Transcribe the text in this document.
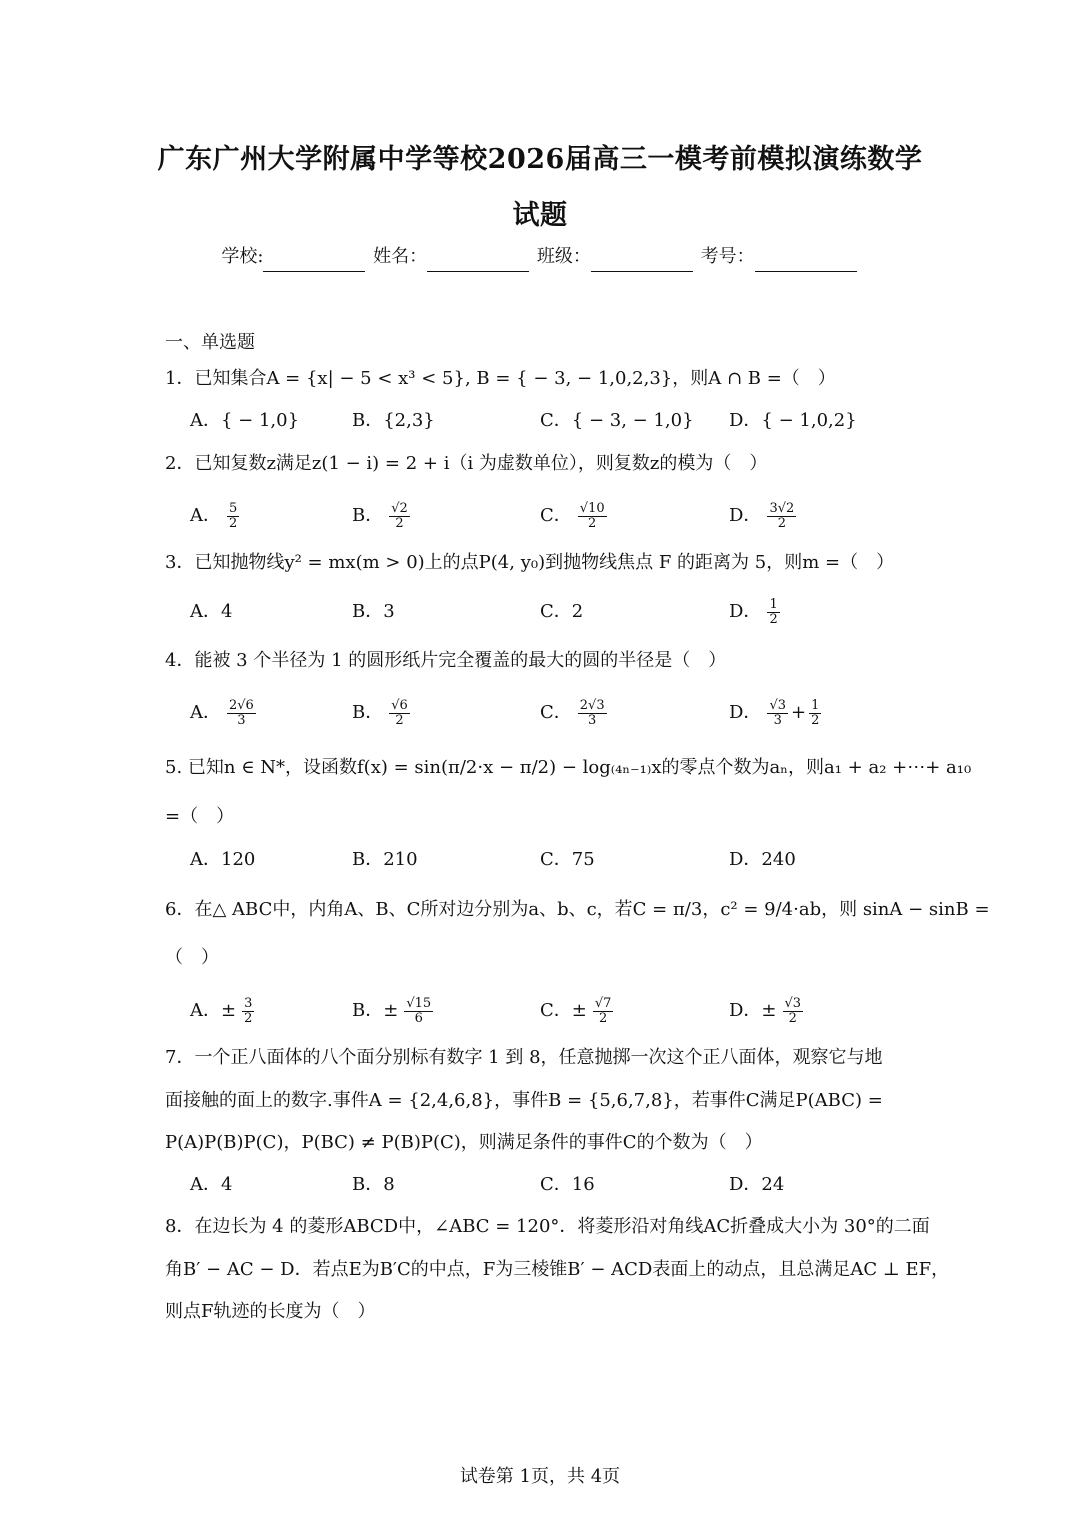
广东广州大学附属中学等校2026届高三一模考前模拟演练数学
试题
学校:	姓名：	班级：	考号：
一、单选题
1．已知集合A = {x| − 5 < x³ < 5}, B = { − 3, − 1,0,2,3}，则A ∩ B =（　）
A．{ − 1,0}	B．{2,3}	C．{ − 3, − 1,0} D．{ − 1,0,2}
2．已知复数z满足z(1 − i) = 2 + i（i 为虚数单位），则复数z的模为（　）
A． $\frac{5}{2}$	B． $\frac{√2}{2}$	C． $\frac{√10}{2}$	D． $\frac{3√2}{2}$
3．已知抛物线y² = mx(m > 0)上的点P(4, y₀)到抛物线焦点 F 的距离为 5，则m =（　）
A．4	B．3	C．2	D． $\frac{1}{2}$
4．能被 3 个半径为 1 的圆形纸片完全覆盖的最大的圆的半径是（　）
A． $\frac{2√6}{3}$	B． $\frac{√6}{2}$	C． $\frac{2√3}{3}$	D． $\frac{√3}{3} + \frac{1}{2}$
5. 已知n ∈ N*，设函数f(x) = sin(π/2·x − π/2) − log₍₄ₙ₋₁₎x的零点个数为aₙ，则a₁ + a₂ +⋯+ a₁₀
=（　）
A．120	B．210	C．75	D．240
6．在△ ABC中，内角A、B、C所对边分别为a、b、c，若C = π/3，c² = 9/4·ab，则 sinA − sinB =
（　）
A．± $\frac{3}{2}$	B．± $\frac{√15}{6}$	C．± $\frac{√7}{2}$	D．± $\frac{√3}{2}$
7．一个正八面体的八个面分别标有数字 1 到 8，任意抛掷一次这个正八面体，观察它与地
面接触的面上的数字.事件A = {2,4,6,8}，事件B = {5,6,7,8}，若事件C满足P(ABC) =
P(A)P(B)P(C)，P(BC) ≠ P(B)P(C)，则满足条件的事件C的个数为（　）
A．4	B．8	C．16	D．24
8．在边长为 4 的菱形ABCD中，∠ABC = 120°．将菱形沿对角线AC折叠成大小为 30°的二面
角B′ − AC − D．若点E为B′C的中点，F为三棱锥B′ − ACD表面上的动点，且总满足AC ⊥ EF，
则点F轨迹的长度为（　）
试卷第 1页，共 4页
